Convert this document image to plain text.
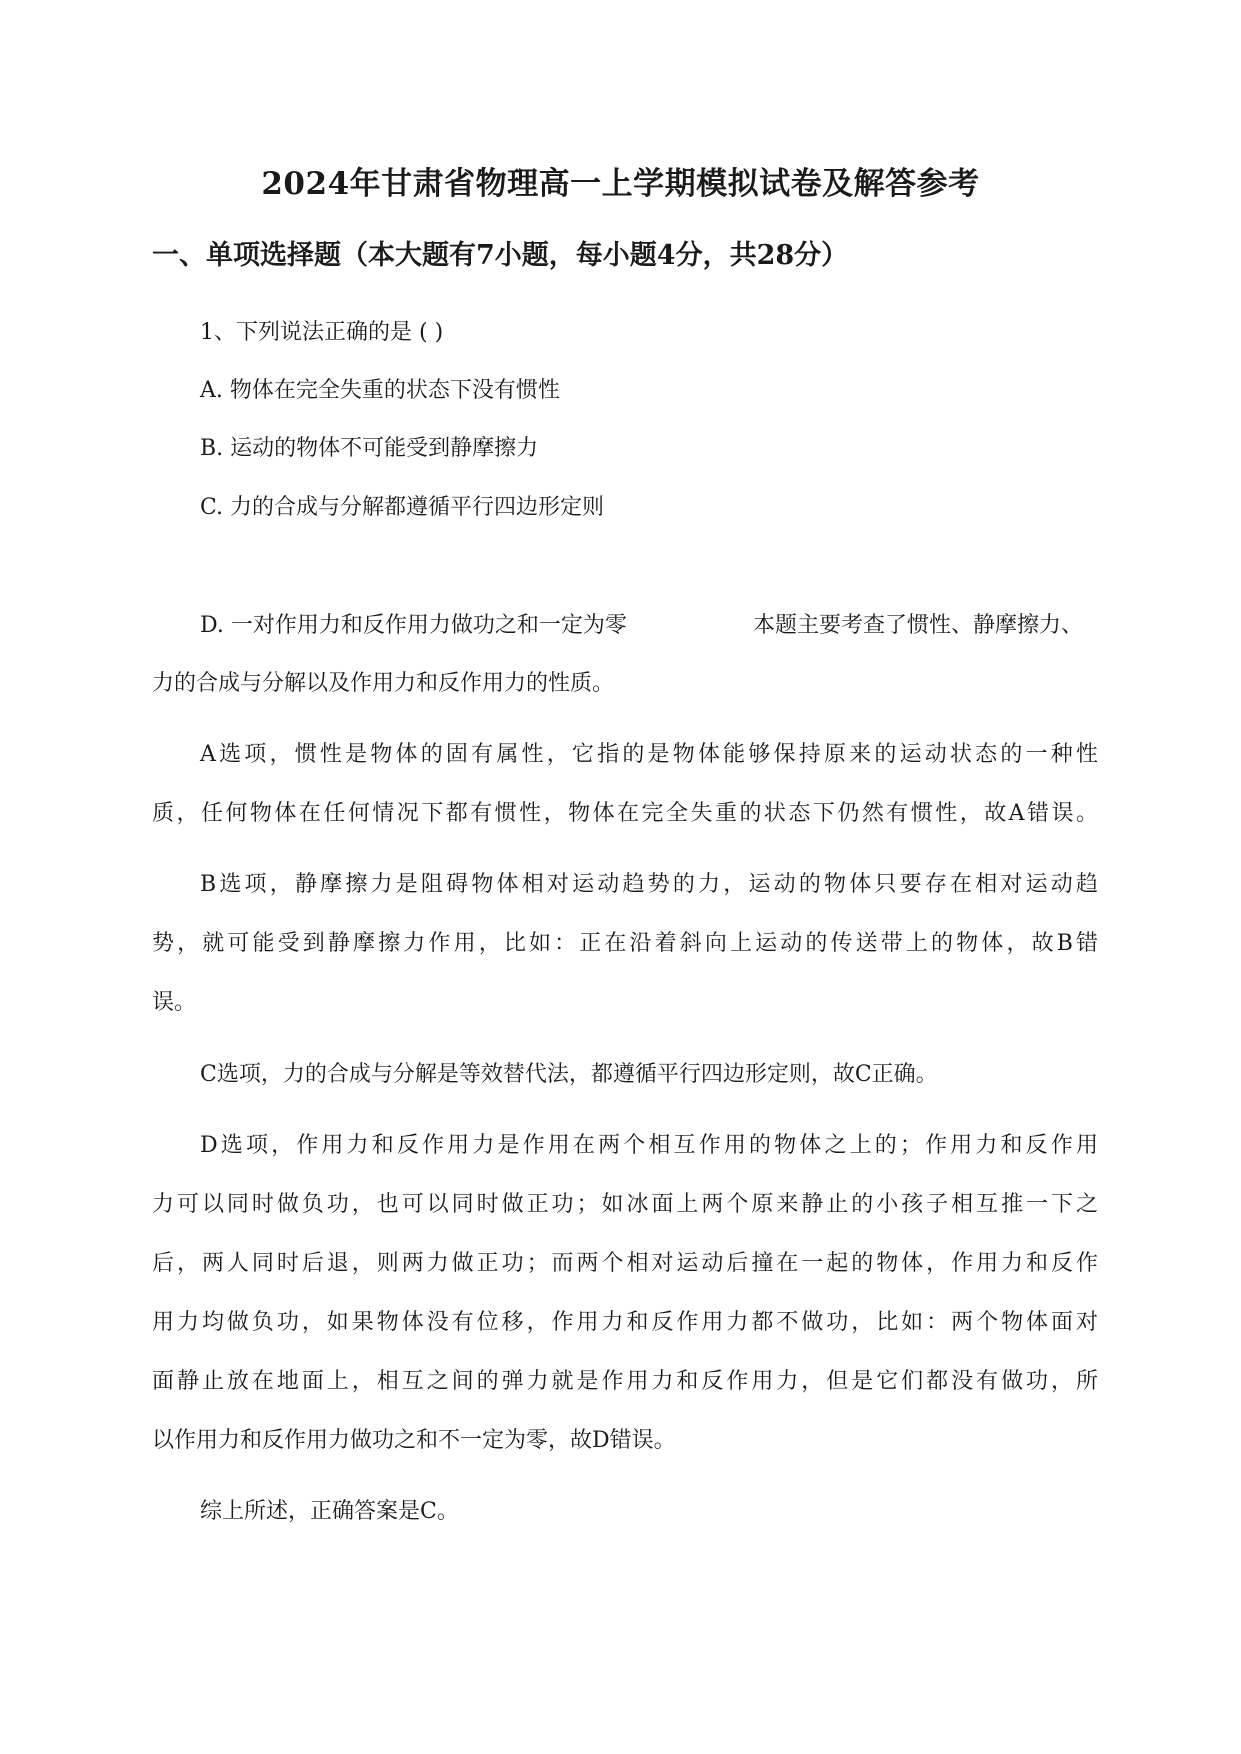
2024年甘肃省物理高一上学期模拟试卷及解答参考
一、单项选择题（本大题有7小题，每小题4分，共28分）
1、下列说法正确的是 ( )
A. 物体在完全失重的状态下没有惯性
B. 运动的物体不可能受到静摩擦力
C. 力的合成与分解都遵循平行四边形定则
D. 一对作用力和反作用力做功之和一定为零	本题主要考查了惯性、静摩擦力、
力的合成与分解以及作用力和反作用力的性质。
A选项，惯性是物体的固有属性，它指的是物体能够保持原来的运动状态的一种性
质，任何物体在任何情况下都有惯性，物体在完全失重的状态下仍然有惯性，故A错误。
B选项，静摩擦力是阻碍物体相对运动趋势的力，运动的物体只要存在相对运动趋
势，就可能受到静摩擦力作用，比如：正在沿着斜向上运动的传送带上的物体，故B错
误。
C选项，力的合成与分解是等效替代法，都遵循平行四边形定则，故C正确。
D选项，作用力和反作用力是作用在两个相互作用的物体之上的；作用力和反作用
力可以同时做负功，也可以同时做正功；如冰面上两个原来静止的小孩子相互推一下之
后，两人同时后退，则两力做正功；而两个相对运动后撞在一起的物体，作用力和反作
用力均做负功，如果物体没有位移，作用力和反作用力都不做功，比如：两个物体面对
面静止放在地面上，相互之间的弹力就是作用力和反作用力，但是它们都没有做功，所
以作用力和反作用力做功之和不一定为零，故D错误。
综上所述，正确答案是C。
